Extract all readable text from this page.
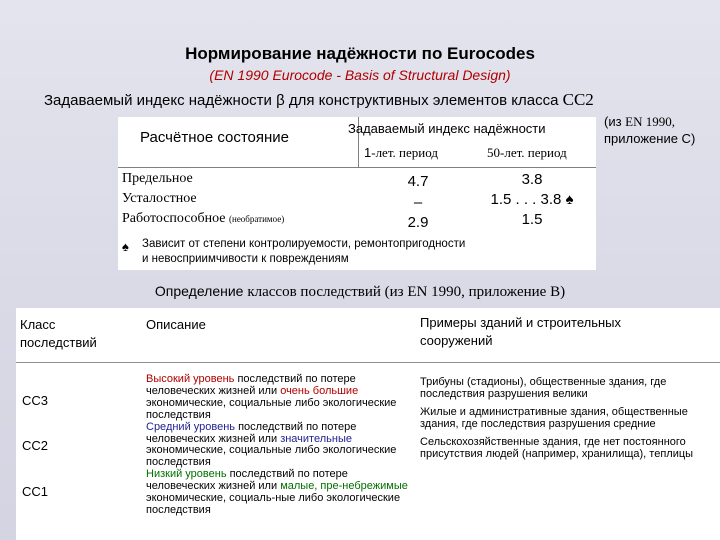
Нормирование надёжности по Eurocodes
(EN 1990 Eurocode - Basis of Structural Design)
Задаваемый индекс надёжности β для конструктивных элементов класса CC2
Расчётное состояние
Задаваемый индекс надёжности
1-лет. период	50-лет. период
Предельное
Усталостное
Работоспособное (необратимое)
4.7
–
2.9
3.8
1.5 . . . 3.8 ♠
1.5
♠ Зависит от степени контролируемости, ремонтопригодности
и невосприимчивости к повреждениям
(из EN 1990,
приложение С)
Определение классов последствий (из EN 1990, приложение В)
Класс
последствий
Описание	Примеры зданий и строительных
сооружений
CC3
CC2
CC1
Высокий уровень последствий по потере человеческих жизней или очень большие экономические, социальные либо экологические последствия
Средний уровень последствий по потере человеческих жизней или значительные экономические, социальные либо экологические последствия
Низкий уровень последствий по потере человеческих жизней или малые, пре-небрежимые экономические, социаль-ные либо экологические последствия
Трибуны (стадионы), общественные здания, где последствия разрушения велики
Жилые и административные здания, общественные здания, где последствия разрушения средние
Сельскохозяйственные здания, где нет постоянного присутствия людей (например, хранилища), теплицы
